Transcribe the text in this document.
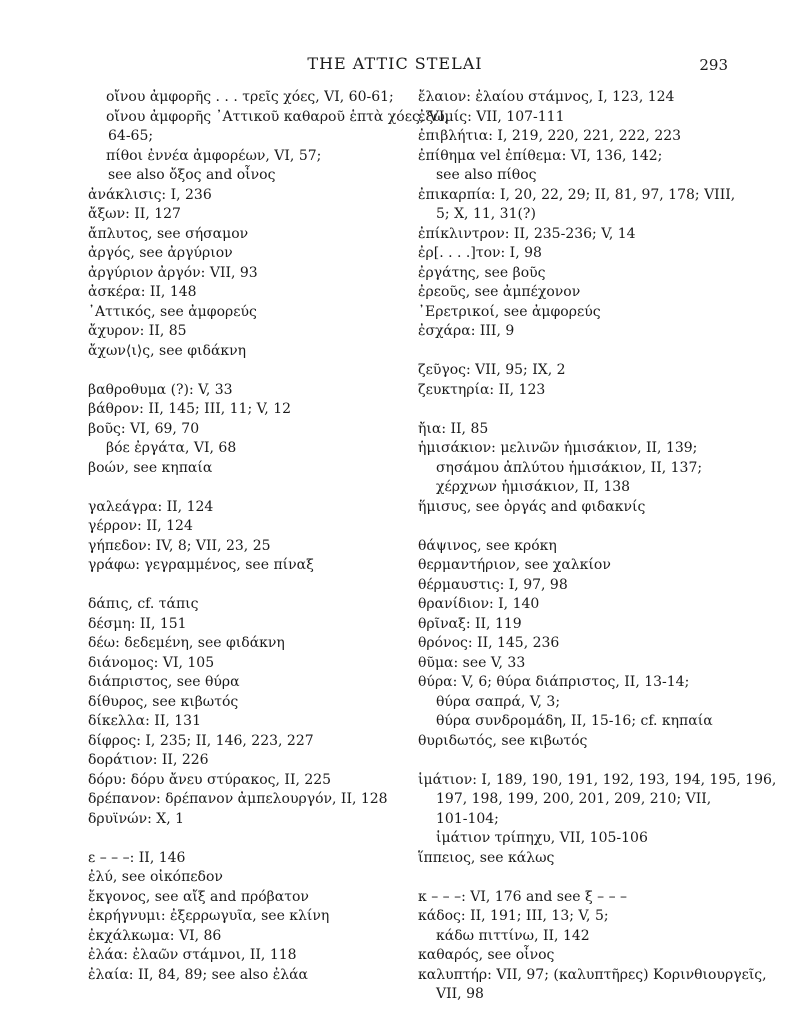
THE ATTIC STELAI	293
οἴνου ἀμφορῆς . . . τρεῖς χόες, VI, 60-61;
οἴνου ἀμφορῆς ᾿Αττικοῦ καθαροῦ ἑπτὰ χόες, VI,
64-65;
πίθοι ἐννέα ἀμφορέων, VI, 57;
see also ὄξος and οἶνος
ἀνάκλισις: I, 236
ἄξων: II, 127
ἄπλυτος, see σήσαμον
ἀργός, see ἀργύριον
ἀργύριον ἀργόν: VII, 93
ἀσκέρα: II, 148
᾿Αττικός, see ἀμφορεύς
ἄχυρον: II, 85
ἄχων⟨ι⟩ς, see φιδάκνη
βαθροθυμα (?): V, 33
βάθρον: II, 145; III, 11; V, 12
βοῦς: VI, 69, 70
βόε ἐργάτα, VI, 68
βοών, see κηπαία
γαλεάγρα: II, 124
γέρρον: II, 124
γήπεδον: IV, 8; VII, 23, 25
γράφω: γεγραμμένος, see πίναξ
δάπις, cf. τάπις
δέσμη: II, 151
δέω: δεδεμένη, see φιδάκνη
διάνομος: VI, 105
διάπριστος, see θύρα
δίθυρος, see κιβωτός
δίκελλα: II, 131
δίφρος: I, 235; II, 146, 223, 227
δοράτιον: II, 226
δόρυ: δόρυ ἄνευ στύρακος, II, 225
δρέπανον: δρέπανον ἀμπελουργόν, II, 128
δρυϊνών: X, 1
ε – – –: II, 146
ἐλύ, see οἰκόπεδον
ἔκγονος, see αἴξ and πρόβατον
ἐκρήγνυμι: ἐξερρωγυῖα, see κλίνη
ἐκχάλκωμα: VI, 86
ἐλάα: ἐλαῶν στάμνοι, II, 118
ἐλαία: II, 84, 89; see also ἐλάα
ἔλαιον: ἐλαίου στάμνος, I, 123, 124
ἐξωμίς: VII, 107-111
ἐπιβλήτια: I, 219, 220, 221, 222, 223
ἐπίθημα vel ἐπίθεμα: VI, 136, 142;
see also πίθος
ἐπικαρπία: I, 20, 22, 29; II, 81, 97, 178; VIII,
5; X, 11, 31(?)
ἐπίκλιντρον: II, 235-236; V, 14
ἐρ[. . . .]τον: I, 98
ἐργάτης, see βοῦς
ἐρεοῦς, see ἀμπέχονον
᾿Ερετρικοί, see ἀμφορεύς
ἐσχάρα: III, 9
ζεῦγος: VII, 95; IX, 2
ζευκτηρία: II, 123
ἤια: II, 85
ἡμισάκιον: μελινῶν ἡμισάκιον, II, 139;
σησάμου ἀπλύτου ἡμισάκιον, II, 137;
χέρχνων ἡμισάκιον, II, 138
ἥμισυς, see ὀργάς and φιδακνίς
θάψινος, see κρόκη
θερμαντήριον, see χαλκίον
θέρμαυστις: I, 97, 98
θρανίδιον: I, 140
θρῖναξ: II, 119
θρόνος: II, 145, 236
θῦμα: see V, 33
θύρα: V, 6; θύρα διάπριστος, II, 13-14;
θύρα σαπρά, V, 3;
θύρα συνδρομάδη, II, 15-16; cf. κηπαία
θυριδωτός, see κιβωτός
ἱμάτιον: I, 189, 190, 191, 192, 193, 194, 195, 196,
197, 198, 199, 200, 201, 209, 210; VII,
101-104;
ἱμάτιον τρίπηχυ, VII, 105-106
ἵππειος, see κάλως
κ – – –: VI, 176 and see ξ – – –
κάδος: II, 191; III, 13; V, 5;
κάδω πιττίνω, II, 142
καθαρός, see οἶνος
καλυπτήρ: VII, 97; (καλυπτῆρες) Κορινθιουργεῖς,
VII, 98
